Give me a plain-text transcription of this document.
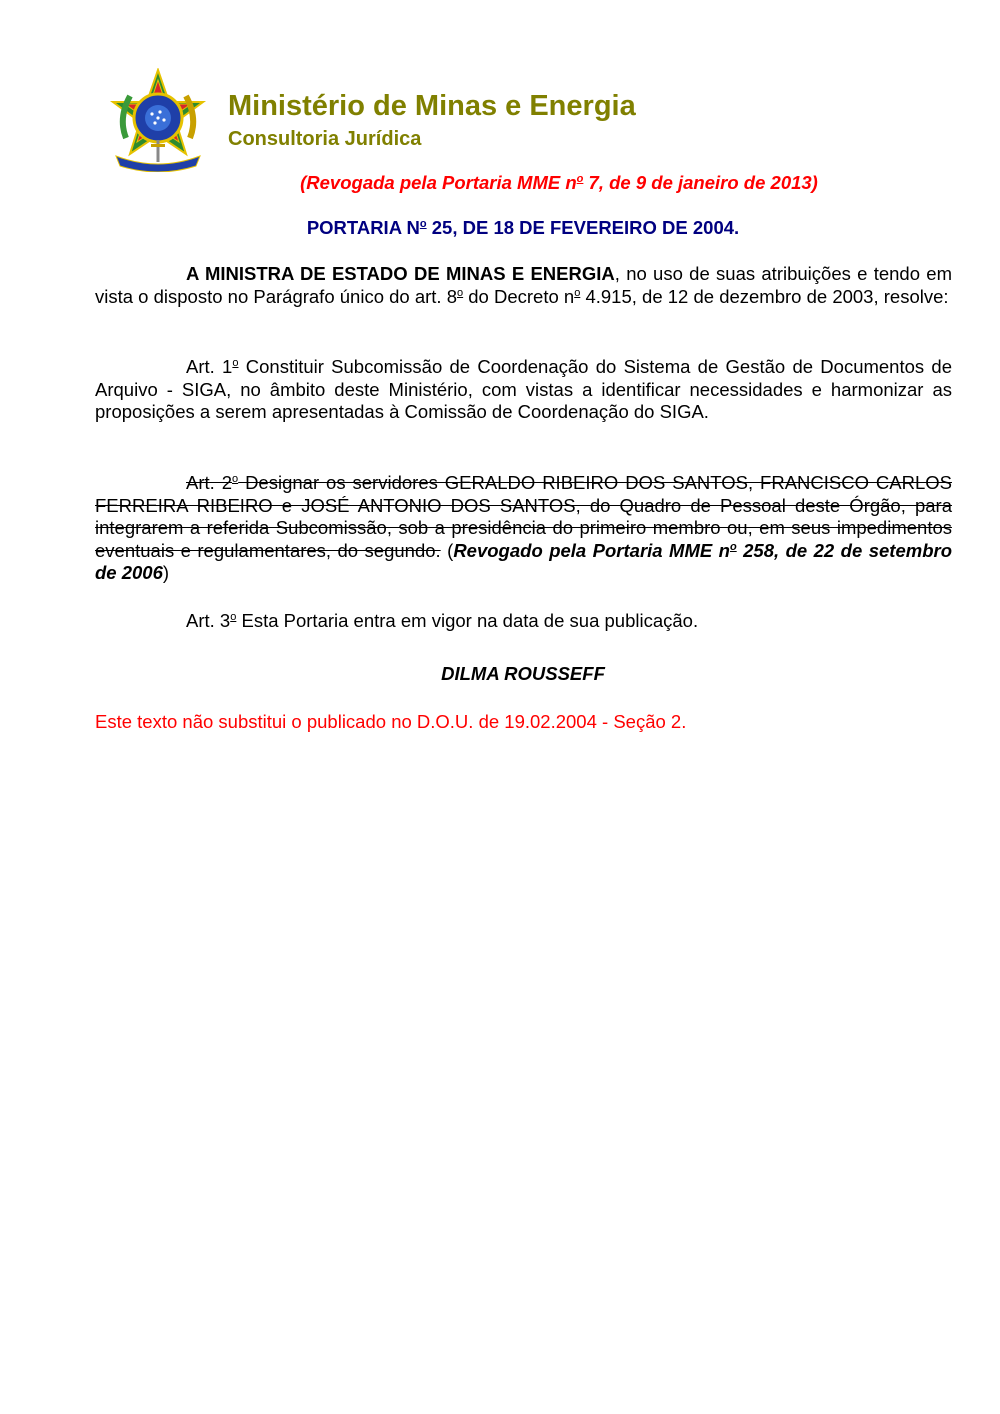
Ministério de Minas e Energia
Consultoria Jurídica
(Revogada pela Portaria MME $n^o$ 7, de 9 de janeiro de 2013)
PORTARIA $N^o$ 25, DE 18 DE FEVEREIRO DE 2004.
A MINISTRA DE ESTADO DE MINAS E ENERGIA, no uso de suas atribuições e tendo em vista o disposto no Parágrafo único do art. 8$^o$ do Decreto $n^o$ 4.915, de 12 de dezembro de 2003, resolve:
Art. 1$^o$ Constituir Subcomissão de Coordenação do Sistema de Gestão de Documentos de Arquivo - SIGA, no âmbito deste Ministério, com vistas a identificar necessidades e harmonizar as proposições a serem apresentadas à Comissão de Coordenação do SIGA.
Art. 2$^o$ Designar os servidores GERALDO RIBEIRO DOS SANTOS, FRANCISCO CARLOS FERREIRA RIBEIRO e JOSÉ ANTONIO DOS SANTOS, do Quadro de Pessoal deste Órgão, para integrarem a referida Subcomissão, sob a presidência do primeiro membro ou, em seus impedimentos eventuais e regulamentares, do segundo. (Revogado pela Portaria MME $n^o$ 258, de 22 de setembro de 2006)
Art. 3$^o$ Esta Portaria entra em vigor na data de sua publicação.
DILMA ROUSSEFF
Este texto não substitui o publicado no D.O.U. de 19.02.2004 - Seção 2.
